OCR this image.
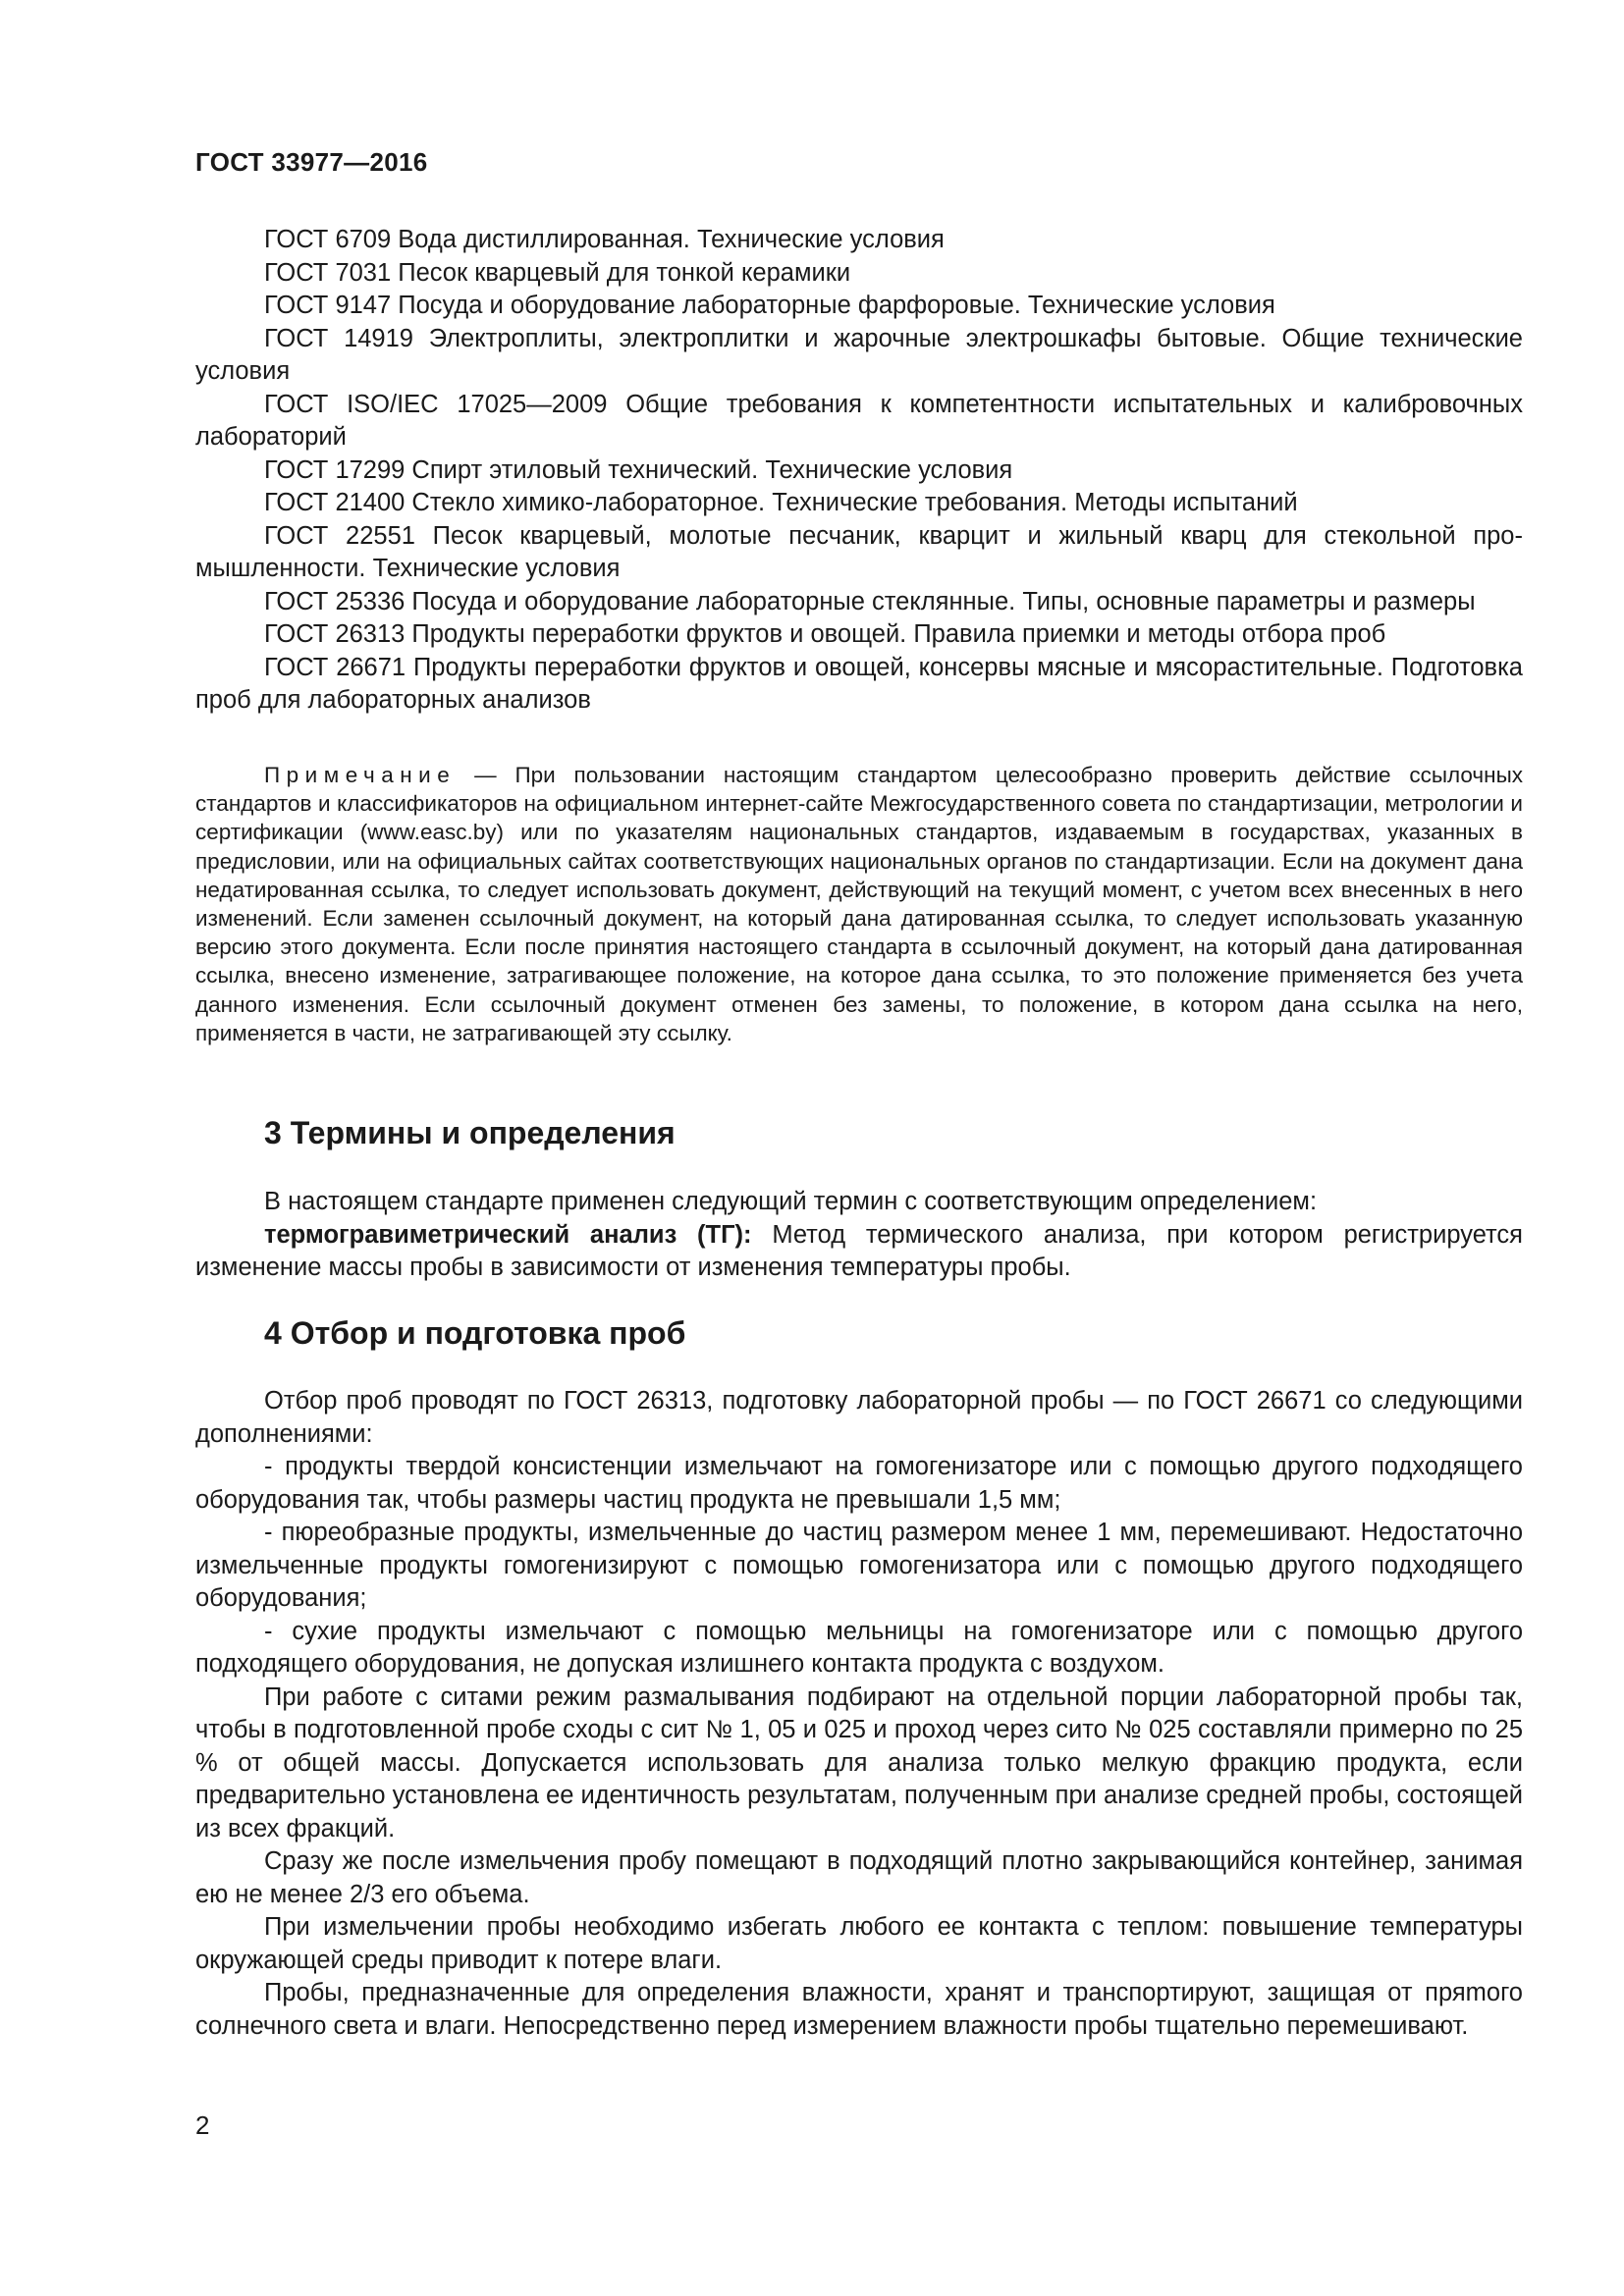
ГОСТ 33977—2016

ГОСТ 6709 Вода дистиллированная. Технические условия

ГОСТ 7031 Песок кварцевый для тонкой керамики

ГОСТ 9147 Посуда и оборудование лабораторные фарфоровые. Технические условия

ГОСТ 14919 Электроплиты, электроплитки и жарочные электрошкафы бытовые. Общие технические условия

ГОСТ ISO/IEC 17025—2009 Общие требования к компетентности испытательных и калибровочных лабораторий

ГОСТ 17299 Спирт этиловый технический. Технические условия

ГОСТ 21400 Стекло химико-лабораторное. Технические требования. Методы испытаний

ГОСТ 22551 Песок кварцевый, молотые песчаник, кварцит и жильный кварц для стекольной промышленности. Технические условия

ГОСТ 25336 Посуда и оборудование лабораторные стеклянные. Типы, основные параметры и размеры

ГОСТ 26313 Продукты переработки фруктов и овощей. Правила приемки и методы отбора проб

ГОСТ 26671 Продукты переработки фруктов и овощей, консервы мясные и мясорастительные. Подготовка проб для лабораторных анализов

Примечание — При пользовании настоящим стандартом целесообразно проверить действие ссылочных стандартов и классификаторов на официальном интернет-сайте Межгосударственного совета по стандартизации, метрологии и сертификации (www.easc.by) или по указателям национальных стандартов, издаваемым в государствах, указанных в предисловии, или на официальных сайтах соответствующих национальных органов по стандартизации. Если на документ дана недатированная ссылка, то следует использовать документ, действующий на текущий момент, с учетом всех внесенных в него изменений. Если заменен ссылочный документ, на который дана датированная ссылка, то следует использовать указанную версию этого документа. Если после принятия настоящего стандарта в ссылочный документ, на который дана датированная ссылка, внесено изменение, затрагивающее положение, на которое дана ссылка, то это положение применяется без учета данного изменения. Если ссылочный документ отменен без замены, то положение, в котором дана ссылка на него, применяется в части, не затрагивающей эту ссылку.

3 Термины и определения

В настоящем стандарте применен следующий термин с соответствующим определением:

термогравиметрический анализ (ТГ): Метод термического анализа, при котором регистрируется изменение массы пробы в зависимости от изменения температуры пробы.

4 Отбор и подготовка проб

Отбор проб проводят по ГОСТ 26313, подготовку лабораторной пробы — по ГОСТ 26671 со следующими дополнениями:

- продукты твердой консистенции измельчают на гомогенизаторе или с помощью другого подходящего оборудования так, чтобы размеры частиц продукта не превышали 1,5 мм;

- пюреобразные продукты, измельченные до частиц размером менее 1 мм, перемешивают. Недостаточно измельченные продукты гомогенизируют с помощью гомогенизатора или с помощью другого подходящего оборудования;

- сухие продукты измельчают с помощью мельницы на гомогенизаторе или с помощью другого подходящего оборудования, не допуская излишнего контакта продукта с воздухом.

При работе с ситами режим размалывания подбирают на отдельной порции лабораторной пробы так, чтобы в подготовленной пробе сходы с сит № 1, 05 и 025 и проход через сито № 025 составляли примерно по 25 % от общей массы. Допускается использовать для анализа только мелкую фракцию продукта, если предварительно установлена ее идентичность результатам, полученным при анализе средней пробы, состоящей из всех фракций.

Сразу же после измельчения пробу помещают в подходящий плотно закрывающийся контейнер, занимая ею не менее 2/3 его объема.

При измельчении пробы необходимо избегать любого ее контакта с теплом: повышение температуры окружающей среды приводит к потере влаги.

Пробы, предназначенные для определения влажности, хранят и транспортируют, защищая от пряmого солнечного света и влаги. Непосредственно перед измерением влажности пробы тщательно перемешивают.

2
